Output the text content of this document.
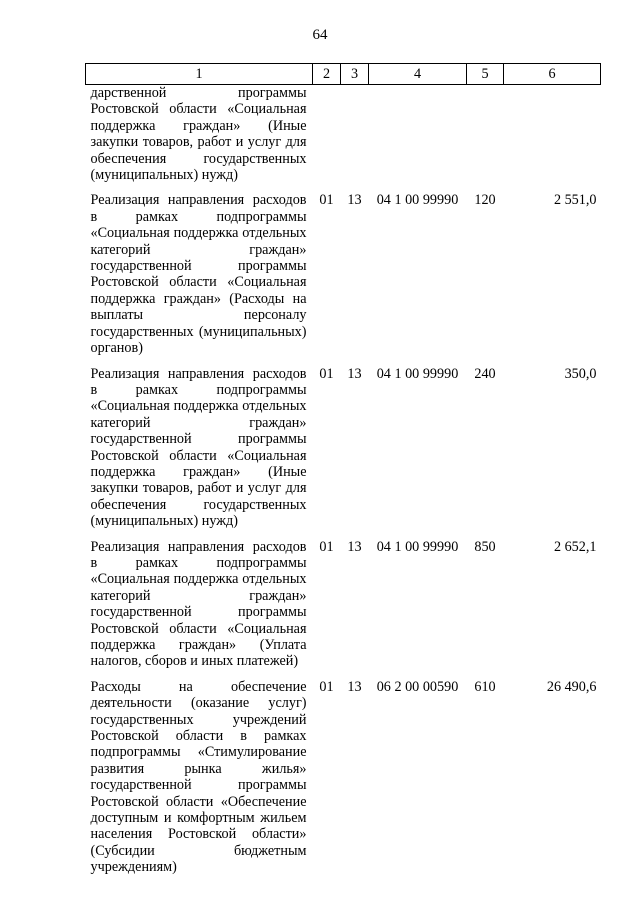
64
1	2	3	4	5	6
дарственной программы Ростовской области «Социальная поддержка граждан» (Иные закупки товаров, работ и услуг для обеспечения государственных (муниципальных) нужд)					
Реализация направления расходов в рамках подпрограммы «Социальная поддержка отдельных категорий граждан» государственной программы Ростовской области «Социальная поддержка граждан» (Расходы на выплаты персоналу государственных (муниципальных) органов)	01	13	04 1 00 99990	120	2 551,0
Реализация направления расходов в рамках подпрограммы «Социальная поддержка отдельных категорий граждан» государственной программы Ростовской области «Социальная поддержка граждан» (Иные закупки товаров, работ и услуг для обеспечения государственных (муниципальных) нужд)	01	13	04 1 00 99990	240	350,0
Реализация направления расходов в рамках подпрограммы «Социальная поддержка отдельных категорий граждан» государственной программы Ростовской области «Социальная поддержка граждан» (Уплата налогов, сборов и иных платежей)	01	13	04 1 00 99990	850	2 652,1
Расходы на обеспечение деятельности (оказание услуг) государственных учреждений Ростовской области в рамках подпрограммы «Стимулирование развития рынка жилья» государственной программы Ростовской области «Обеспечение доступным и комфортным жильем населения Ростовской области» (Субсидии бюджетным учреждениям)	01	13	06 2 00 00590	610	26 490,6
